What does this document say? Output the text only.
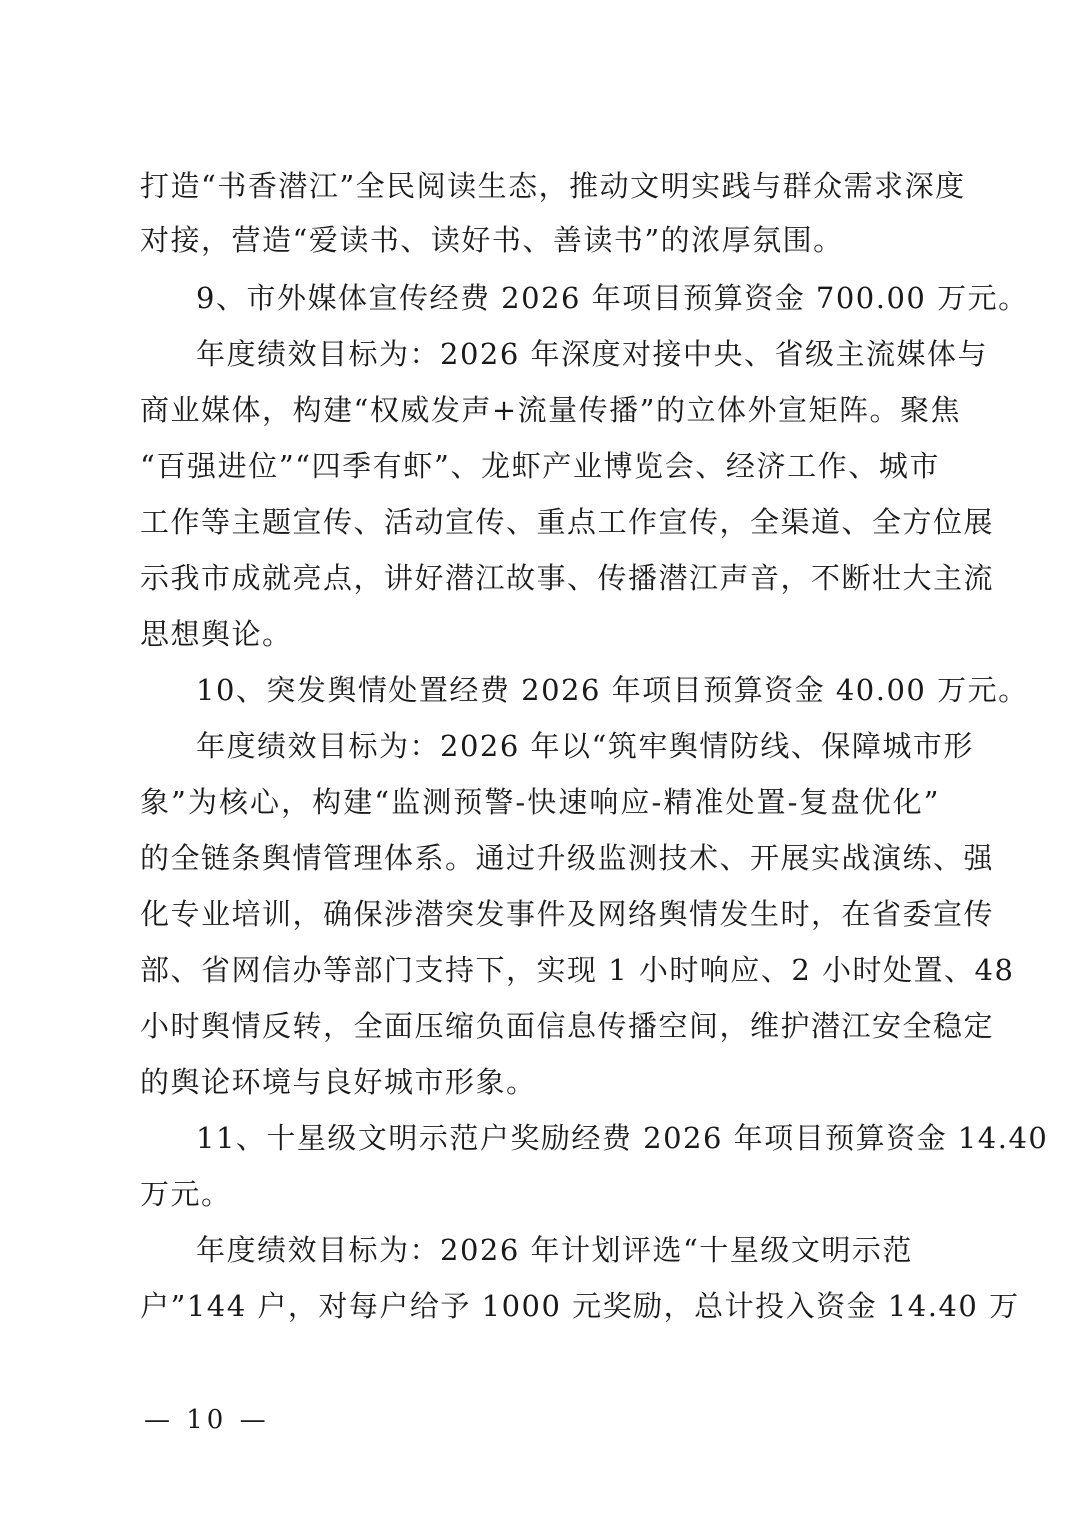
打造“书香潜江”全民阅读生态，推动文明实践与群众需求深度
对接，营造“爱读书、读好书、善读书”的浓厚氛围。
9、市外媒体宣传经费 2026 年项目预算资金 700.00 万元。
年度绩效目标为：2026 年深度对接中央、省级主流媒体与
商业媒体，构建“权威发声+流量传播”的立体外宣矩阵。聚焦
“百强进位”“四季有虾”、龙虾产业博览会、经济工作、城市
工作等主题宣传、活动宣传、重点工作宣传，全渠道、全方位展
示我市成就亮点，讲好潜江故事、传播潜江声音，不断壮大主流
思想舆论。
10、突发舆情处置经费 2026 年项目预算资金 40.00 万元。
年度绩效目标为：2026 年以“筑牢舆情防线、保障城市形
象”为核心，构建“监测预警-快速响应-精准处置-复盘优化”
的全链条舆情管理体系。通过升级监测技术、开展实战演练、强
化专业培训，确保涉潜突发事件及网络舆情发生时，在省委宣传
部、省网信办等部门支持下，实现 1 小时响应、2 小时处置、48
小时舆情反转，全面压缩负面信息传播空间，维护潜江安全稳定
的舆论环境与良好城市形象。
11、十星级文明示范户奖励经费 2026 年项目预算资金 14.40
万元。
年度绩效目标为：2026 年计划评选“十星级文明示范
户”144 户，对每户给予 1000 元奖励，总计投入资金 14.40 万
— 10 —
